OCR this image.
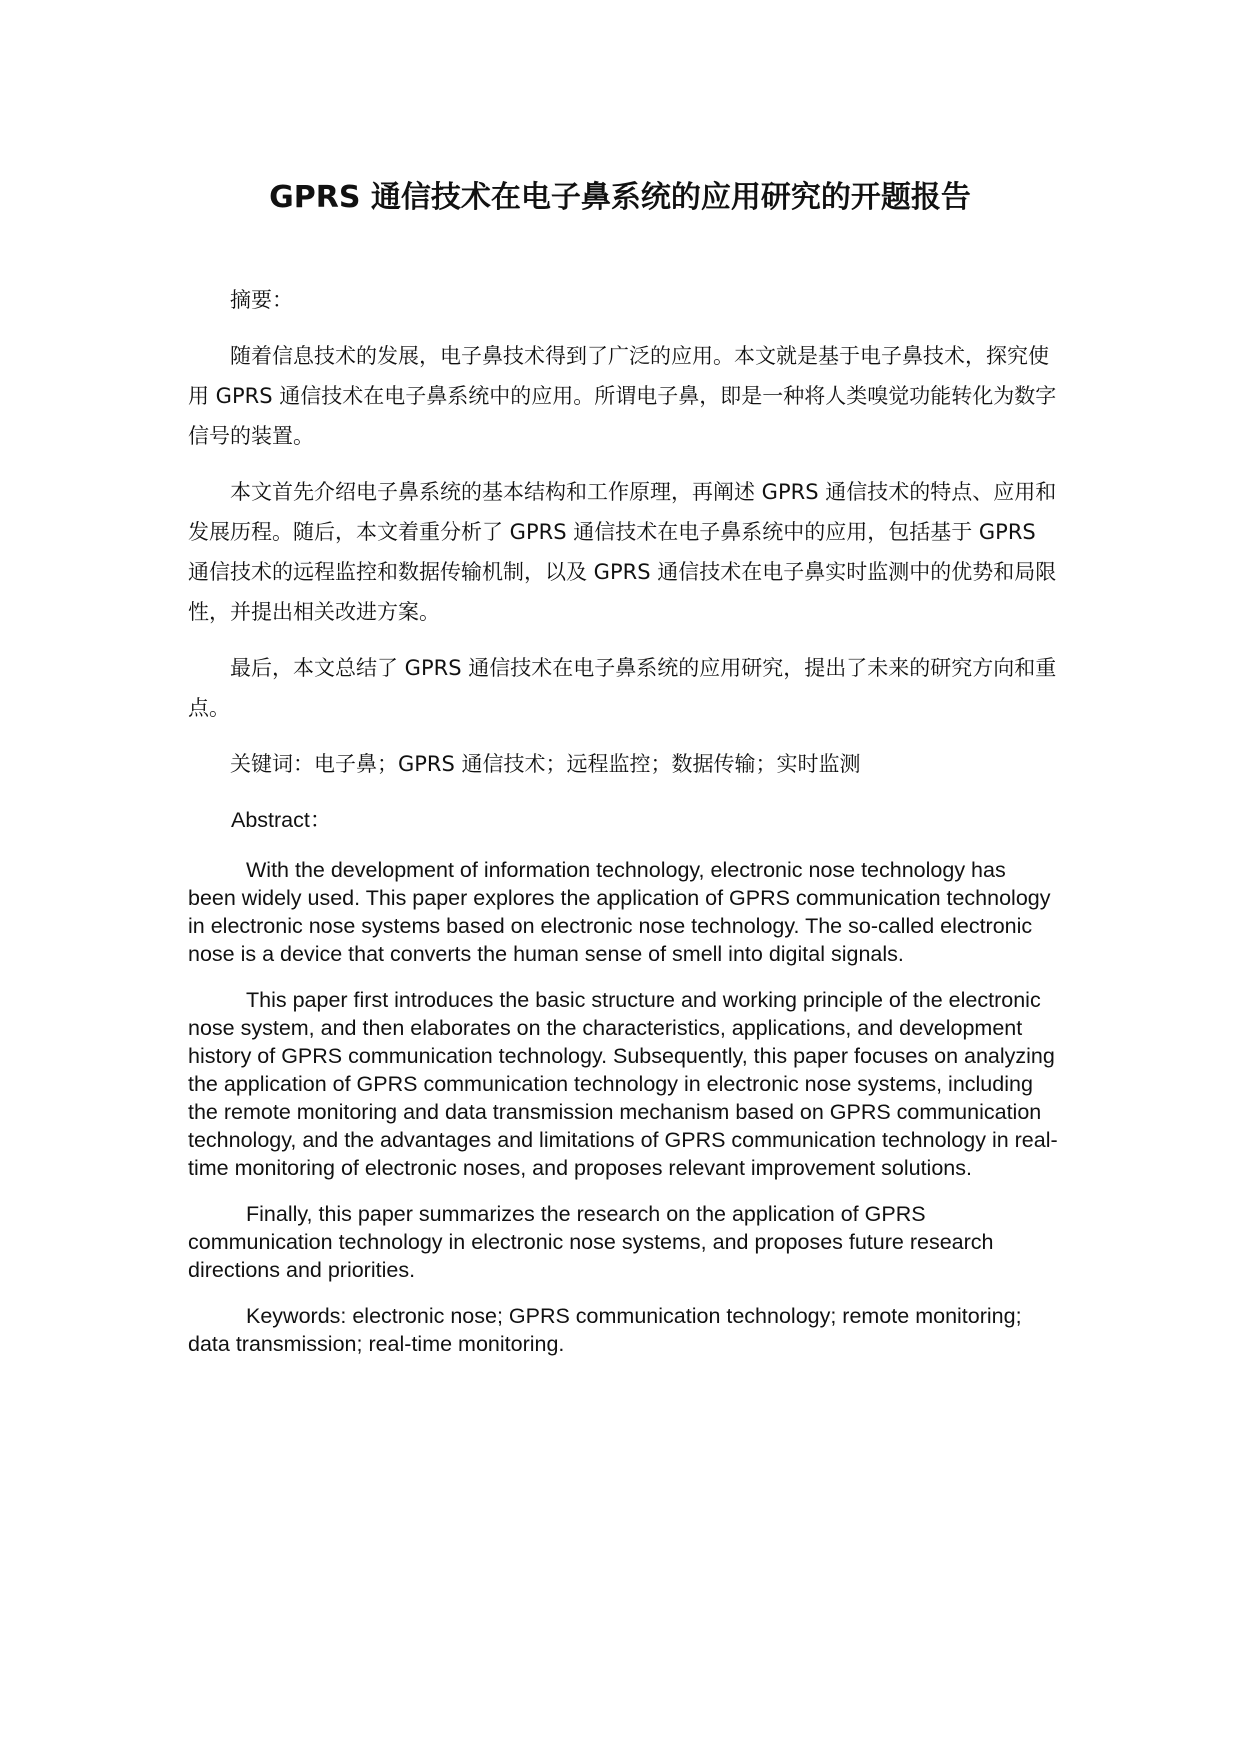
GPRS 通信技术在电子鼻系统的应用研究的开题报告

摘要：

随着信息技术的发展，电子鼻技术得到了广泛的应用。本文就是基于电子鼻技术，探究使用 GPRS 通信技术在电子鼻系统中的应用。所谓电子鼻，即是一种将人类嗅觉功能转化为数字信号的装置。

本文首先介绍电子鼻系统的基本结构和工作原理，再阐述 GPRS 通信技术的特点、应用和发展历程。随后，本文着重分析了 GPRS 通信技术在电子鼻系统中的应用，包括基于 GPRS 通信技术的远程监控和数据传输机制，以及 GPRS 通信技术在电子鼻实时监测中的优势和局限性，并提出相关改进方案。

最后，本文总结了 GPRS 通信技术在电子鼻系统的应用研究，提出了未来的研究方向和重点。

关键词：电子鼻；GPRS 通信技术；远程监控；数据传输；实时监测

Abstract：

With the development of information technology, electronic nose technology has been widely used. This paper explores the application of GPRS communication technology in electronic nose systems based on electronic nose technology. The so-called electronic nose is a device that converts the human sense of smell into digital signals.

This paper first introduces the basic structure and working principle of the electronic nose system, and then elaborates on the characteristics, applications, and development history of GPRS communication technology. Subsequently, this paper focuses on analyzing the application of GPRS communication technology in electronic nose systems, including the remote monitoring and data transmission mechanism based on GPRS communication technology, and the advantages and limitations of GPRS communication technology in real-time monitoring of electronic noses, and proposes relevant improvement solutions.

Finally, this paper summarizes the research on the application of GPRS communication technology in electronic nose systems, and proposes future research directions and priorities.

Keywords: electronic nose; GPRS communication technology; remote monitoring; data transmission; real-time monitoring.
